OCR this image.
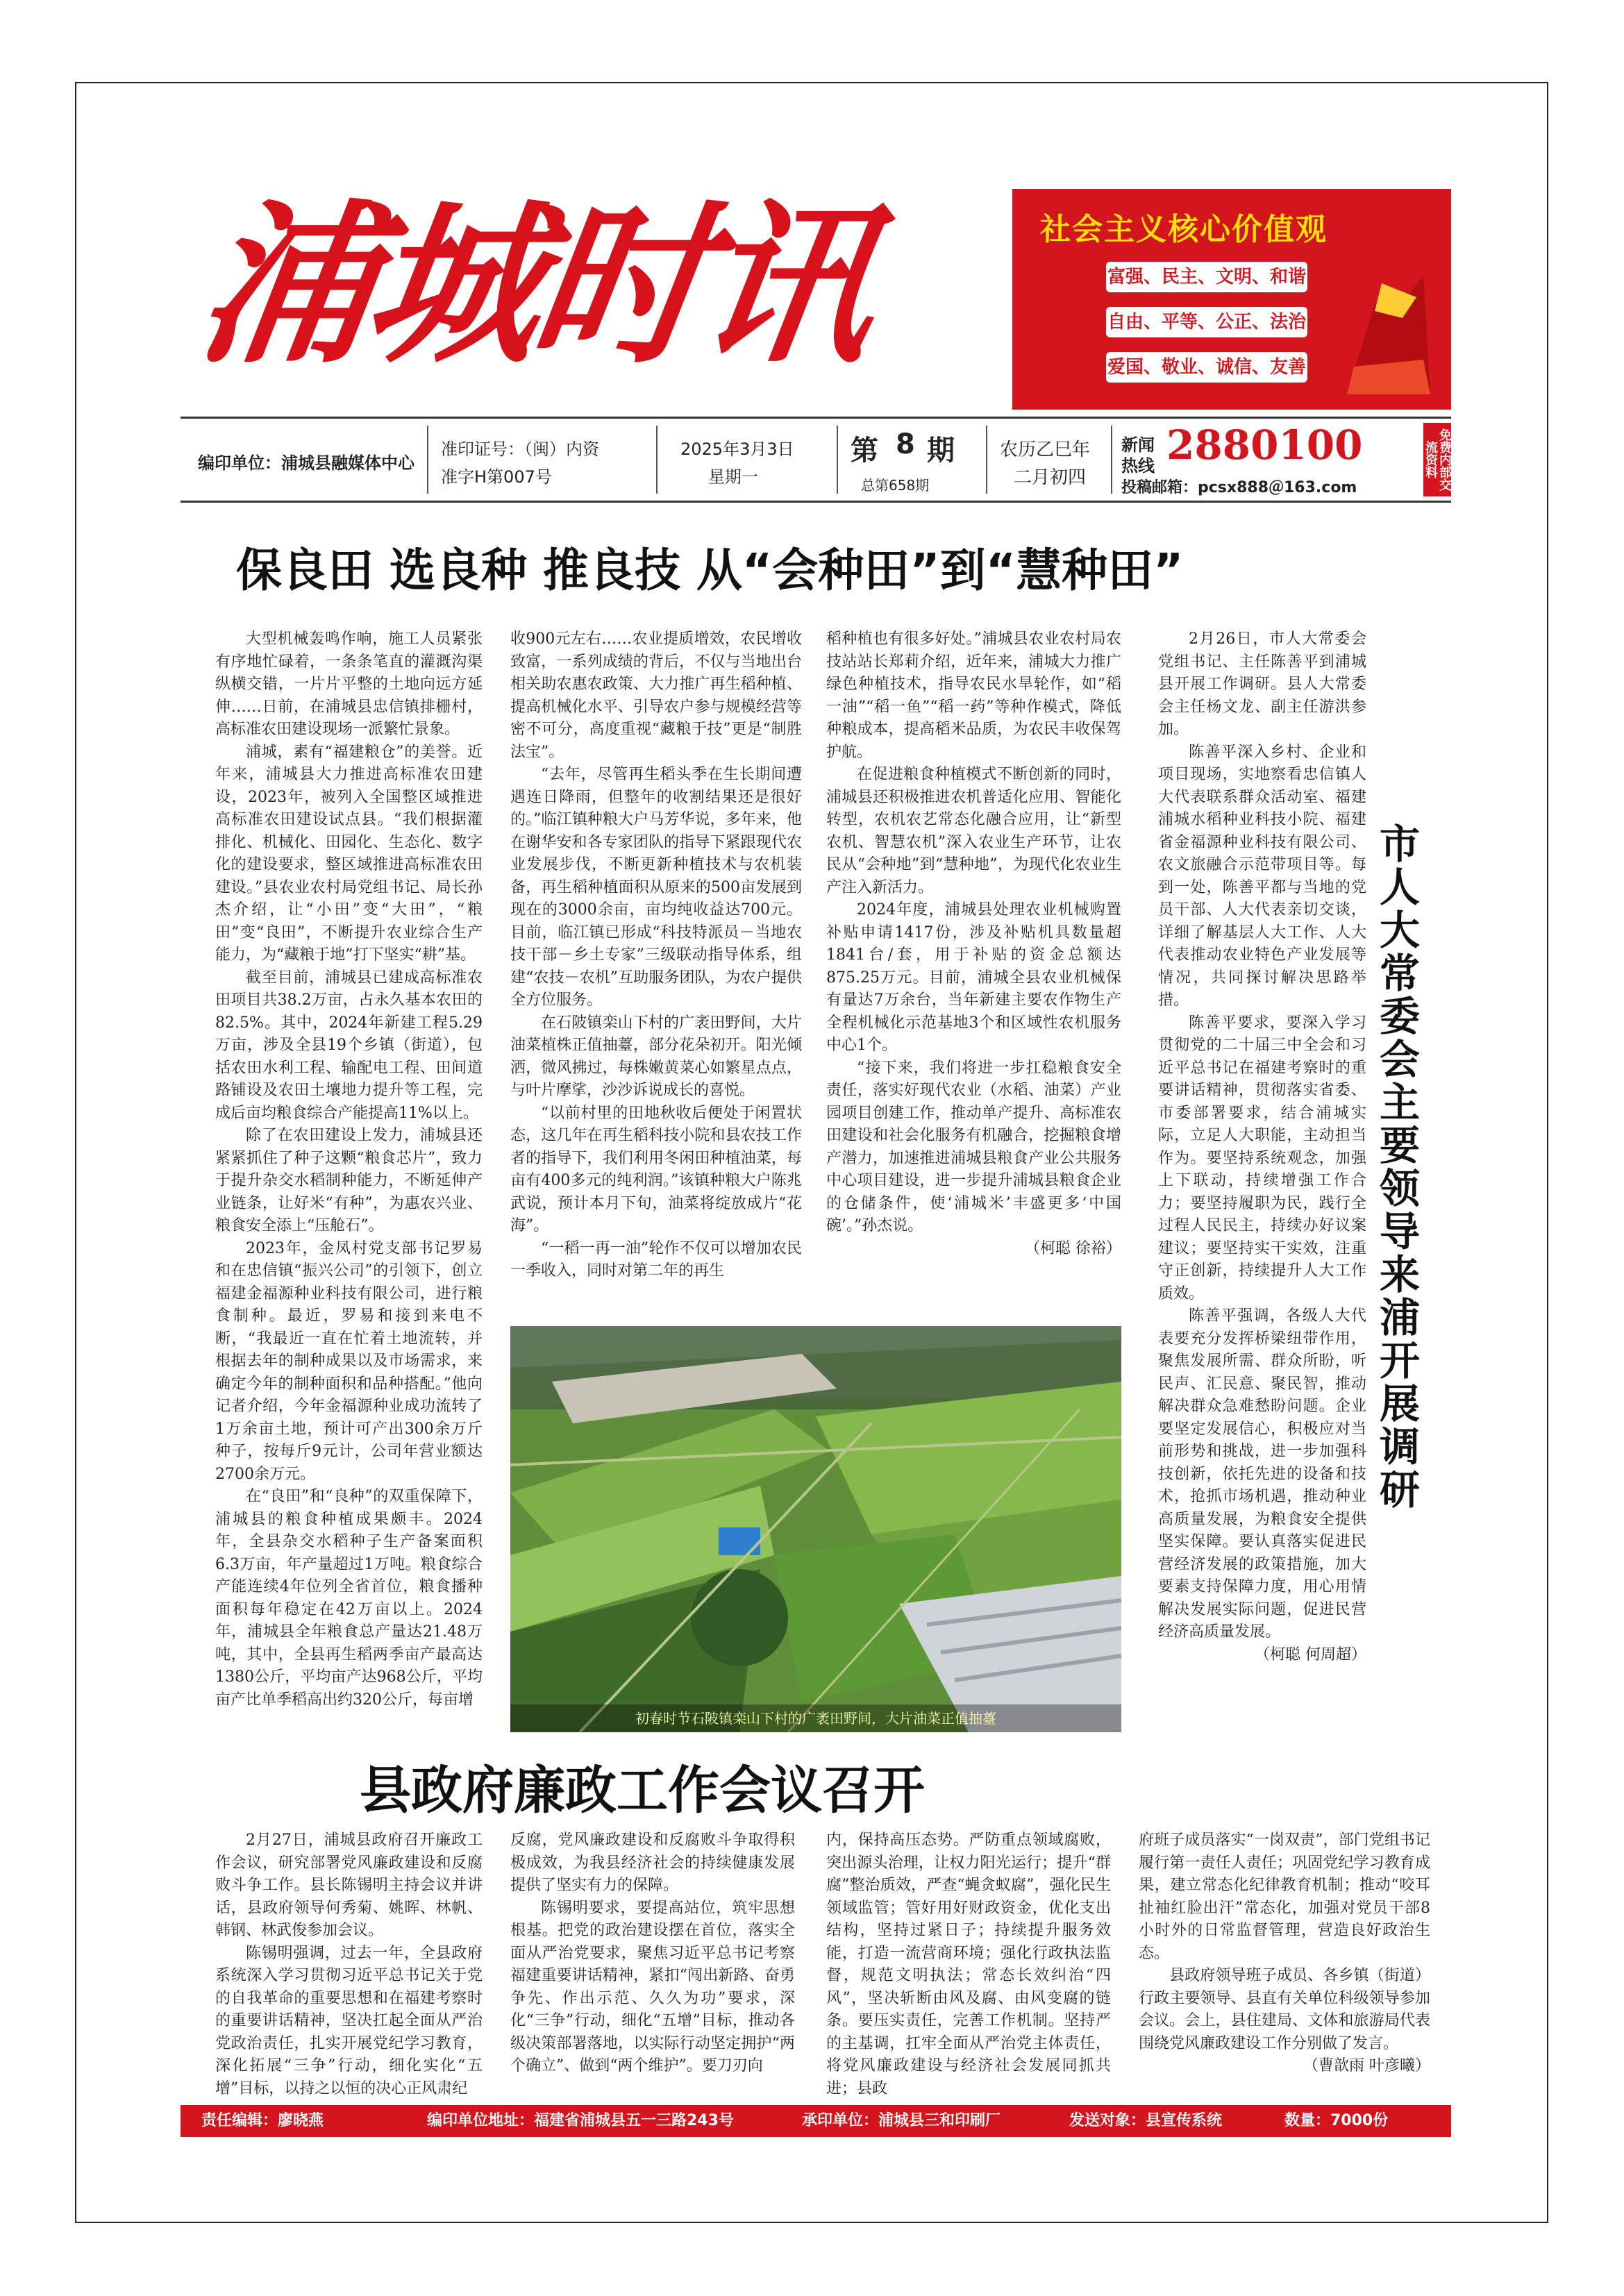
浦城时讯	社会主义核心价值观
富强、民主、文明、和谐
自由、平等、公正、法治
爱国、敬业、诚信、友善
编印单位：浦城县融媒体中心
准印证号：（闽）内资
准字H第007号
2025年3月3日
星期一
第 8 期
总第658期
农历乙巳年
二月初四
新闻
热线 2880100
投稿邮箱：pcsx888＠163.com	免费内部交流资料
保良田 选良种 推良技 从“会种田”到“慧种田”

大型机械轰鸣作响，施工人员紧张有序地忙碌着，一条条笔直的灌溉沟渠纵横交错，一片片平整的土地向远方延伸……日前，在浦城县忠信镇排栅村，高标准农田建设现场一派繁忙景象。

浦城，素有“福建粮仓”的美誉。近年来，浦城县大力推进高标准农田建设，2023年，被列入全国整区域推进高标准农田建设试点县。“我们根据灌排化、机械化、田园化、生态化、数字化的建设要求，整区域推进高标准农田建设。”县农业农村局党组书记、局长孙杰介绍，让“小田”变“大田”，“粮田”变“良田”，不断提升农业综合生产能力，为“藏粮于地”打下坚实“耕”基。

截至目前，浦城县已建成高标准农田项目共38.2万亩，占永久基本农田的82.5%。其中，2024年新建工程5.29万亩，涉及全县19个乡镇（街道），包括农田水利工程、输配电工程、田间道路铺设及农田土壤地力提升等工程，完成后亩均粮食综合产能提高11%以上。

除了在农田建设上发力，浦城县还紧紧抓住了种子这颗“粮食芯片”，致力于提升杂交水稻制种能力，不断延伸产业链条，让好米“有种”，为惠农兴业、粮食安全添上“压舱石”。

2023年，金凤村党支部书记罗易和在忠信镇“振兴公司”的引领下，创立福建金福源种业科技有限公司，进行粮食制种。最近，罗易和接到来电不断，“我最近一直在忙着土地流转，并根据去年的制种成果以及市场需求，来确定今年的制种面积和品种搭配。”他向记者介绍，今年金福源种业成功流转了1万余亩土地，预计可产出300余万斤种子，按每斤9元计，公司年营业额达2700余万元。

在“良田”和“良种”的双重保障下，浦城县的粮食种植成果颇丰。2024年，全县杂交水稻种子生产备案面积6.3万亩，年产量超过1万吨。粮食综合产能连续4年位列全省首位，粮食播种面积每年稳定在42万亩以上。2024年，浦城县全年粮食总产量达21.48万吨，其中，全县再生稻两季亩产最高达1380公斤，平均亩产达968公斤，平均亩产比单季稻高出约320公斤，每亩增

收900元左右……农业提质增效，农民增收致富，一系列成绩的背后，不仅与当地出台相关助农惠农政策、大力推广再生稻种植、提高机械化水平、引导农户参与规模经营等密不可分，高度重视“藏粮于技”更是“制胜法宝”。

“去年，尽管再生稻头季在生长期间遭遇连日降雨，但整年的收割结果还是很好的。”临江镇种粮大户马芳华说，多年来，他在谢华安和各专家团队的指导下紧跟现代农业发展步伐，不断更新种植技术与农机装备，再生稻种植面积从原来的500亩发展到现在的3000余亩，亩均纯收益达700元。目前，临江镇已形成“科技特派员－当地农技干部－乡土专家”三级联动指导体系，组建“农技－农机”互助服务团队，为农户提供全方位服务。

在石陂镇栾山下村的广袤田野间，大片油菜植株正值抽薹，部分花朵初开。阳光倾洒，微风拂过，每株嫩黄菜心如繁星点点，与叶片摩挲，沙沙诉说成长的喜悦。

“以前村里的田地秋收后便处于闲置状态，这几年在再生稻科技小院和县农技工作者的指导下，我们利用冬闲田种植油菜，每亩有400多元的纯利润。”该镇种粮大户陈兆武说，预计本月下旬，油菜将绽放成片“花海”。

“一稻一再一油”轮作不仅可以增加农民一季收入，同时对第二年的再生

稻种植也有很多好处。”浦城县农业农村局农技站站长郑莉介绍，近年来，浦城大力推广绿色种植技术，指导农民水旱轮作，如“稻一油”“稻一鱼”“稻一药”等种作模式，降低种粮成本，提高稻米品质，为农民丰收保驾护航。

在促进粮食种植模式不断创新的同时，浦城县还积极推进农机普适化应用、智能化转型，农机农艺常态化融合应用，让“新型农机、智慧农机”深入农业生产环节，让农民从“会种地”到“慧种地”，为现代化农业生产注入新活力。

2024年度，浦城县处理农业机械购置补贴申请1417份，涉及补贴机具数量超1841台/套，用于补贴的资金总额达875.25万元。目前，浦城全县农业机械保有量达7万余台，当年新建主要农作物生产全程机械化示范基地3个和区域性农机服务中心1个。

“接下来，我们将进一步扛稳粮食安全责任，落实好现代农业（水稻、油菜）产业园项目创建工作，推动单产提升、高标准农田建设和社会化服务有机融合，挖掘粮食增产潜力，加速推进浦城县粮食产业公共服务中心项目建设，进一步提升浦城县粮食企业的仓储条件，使‘浦城米’丰盛更多‘中国碗’。”孙杰说。

（柯聪 徐裕）

初春时节石陂镇栾山下村的广袤田野间，大片油菜正值抽薹

2月26日，市人大常委会党组书记、主任陈善平到浦城县开展工作调研。县人大常委会主任杨文龙、副主任游洪参加。

陈善平深入乡村、企业和项目现场，实地察看忠信镇人大代表联系群众活动室、福建浦城水稻种业科技小院、福建省金福源种业科技有限公司、农文旅融合示范带项目等。每到一处，陈善平都与当地的党员干部、人大代表亲切交谈，详细了解基层人大工作、人大代表推动农业特色产业发展等情况，共同探讨解决思路举措。

陈善平要求，要深入学习贯彻党的二十届三中全会和习近平总书记在福建考察时的重要讲话精神，贯彻落实省委、市委部署要求，结合浦城实际，立足人大职能，主动担当作为。要坚持系统观念，加强上下联动，持续增强工作合力；要坚持履职为民，践行全过程人民民主，持续办好议案建议；要坚持实干实效，注重守正创新，持续提升人大工作质效。

陈善平强调，各级人大代表要充分发挥桥梁纽带作用，聚焦发展所需、群众所盼，听民声、汇民意、聚民智，推动解决群众急难愁盼问题。企业要坚定发展信心，积极应对当前形势和挑战，进一步加强科技创新，依托先进的设备和技术，抢抓市场机遇，推动种业高质量发展，为粮食安全提供坚实保障。要认真落实促进民营经济发展的政策措施，加大要素支持保障力度，用心用情解决发展实际问题，促进民营经济高质量发展。

（柯聪 何周超）

市人大常委会主要领导来浦开展调研
县政府廉政工作会议召开

2月27日，浦城县政府召开廉政工作会议，研究部署党风廉政建设和反腐败斗争工作。县长陈锡明主持会议并讲话，县政府领导何秀菊、姚晖、林帆、韩钢、林武俊参加会议。

陈锡明强调，过去一年，全县政府系统深入学习贯彻习近平总书记关于党的自我革命的重要思想和在福建考察时的重要讲话精神，坚决扛起全面从严治党政治责任，扎实开展党纪学习教育，深化拓展“三争”行动，细化实化“五增”目标，以持之以恒的决心正风肃纪

反腐，党风廉政建设和反腐败斗争取得积极成效，为我县经济社会的持续健康发展提供了坚实有力的保障。

陈锡明要求，要提高站位，筑牢思想根基。把党的政治建设摆在首位，落实全面从严治党要求，聚焦习近平总书记考察福建重要讲话精神，紧扣“闯出新路、奋勇争先、作出示范、久久为功”要求，深化“三争”行动，细化“五增”目标，推动各级决策部署落地，以实际行动坚定拥护“两个确立”、做到“两个维护”。要刀刃向

内，保持高压态势。严防重点领域腐败，突出源头治理，让权力阳光运行；提升“群腐”整治质效，严查“蝇贪蚁腐”，强化民生领域监管；管好用好财政资金，优化支出结构，坚持过紧日子；持续提升服务效能，打造一流营商环境；强化行政执法监督，规范文明执法；常态长效纠治“四风”，坚决斩断由风及腐、由风变腐的链条。要压实责任，完善工作机制。坚持严的主基调，扛牢全面从严治党主体责任，将党风廉政建设与经济社会发展同抓共进；县政

府班子成员落实“一岗双责”，部门党组书记履行第一责任人责任；巩固党纪学习教育成果，建立常态化纪律教育机制；推动“咬耳扯袖红脸出汗”常态化，加强对党员干部8小时外的日常监督管理，营造良好政治生态。

县政府领导班子成员、各乡镇（街道）行政主要领导、县直有关单位科级领导参加会议。会上，县住建局、文体和旅游局代表围绕党风廉政建设工作分别做了发言。

（曹歆雨 叶彦曦）

责任编辑：廖晓燕	编印单位地址：福建省浦城县五一三路243号	承印单位：浦城县三和印刷厂	发送对象：县宣传系统	数量：7000份
